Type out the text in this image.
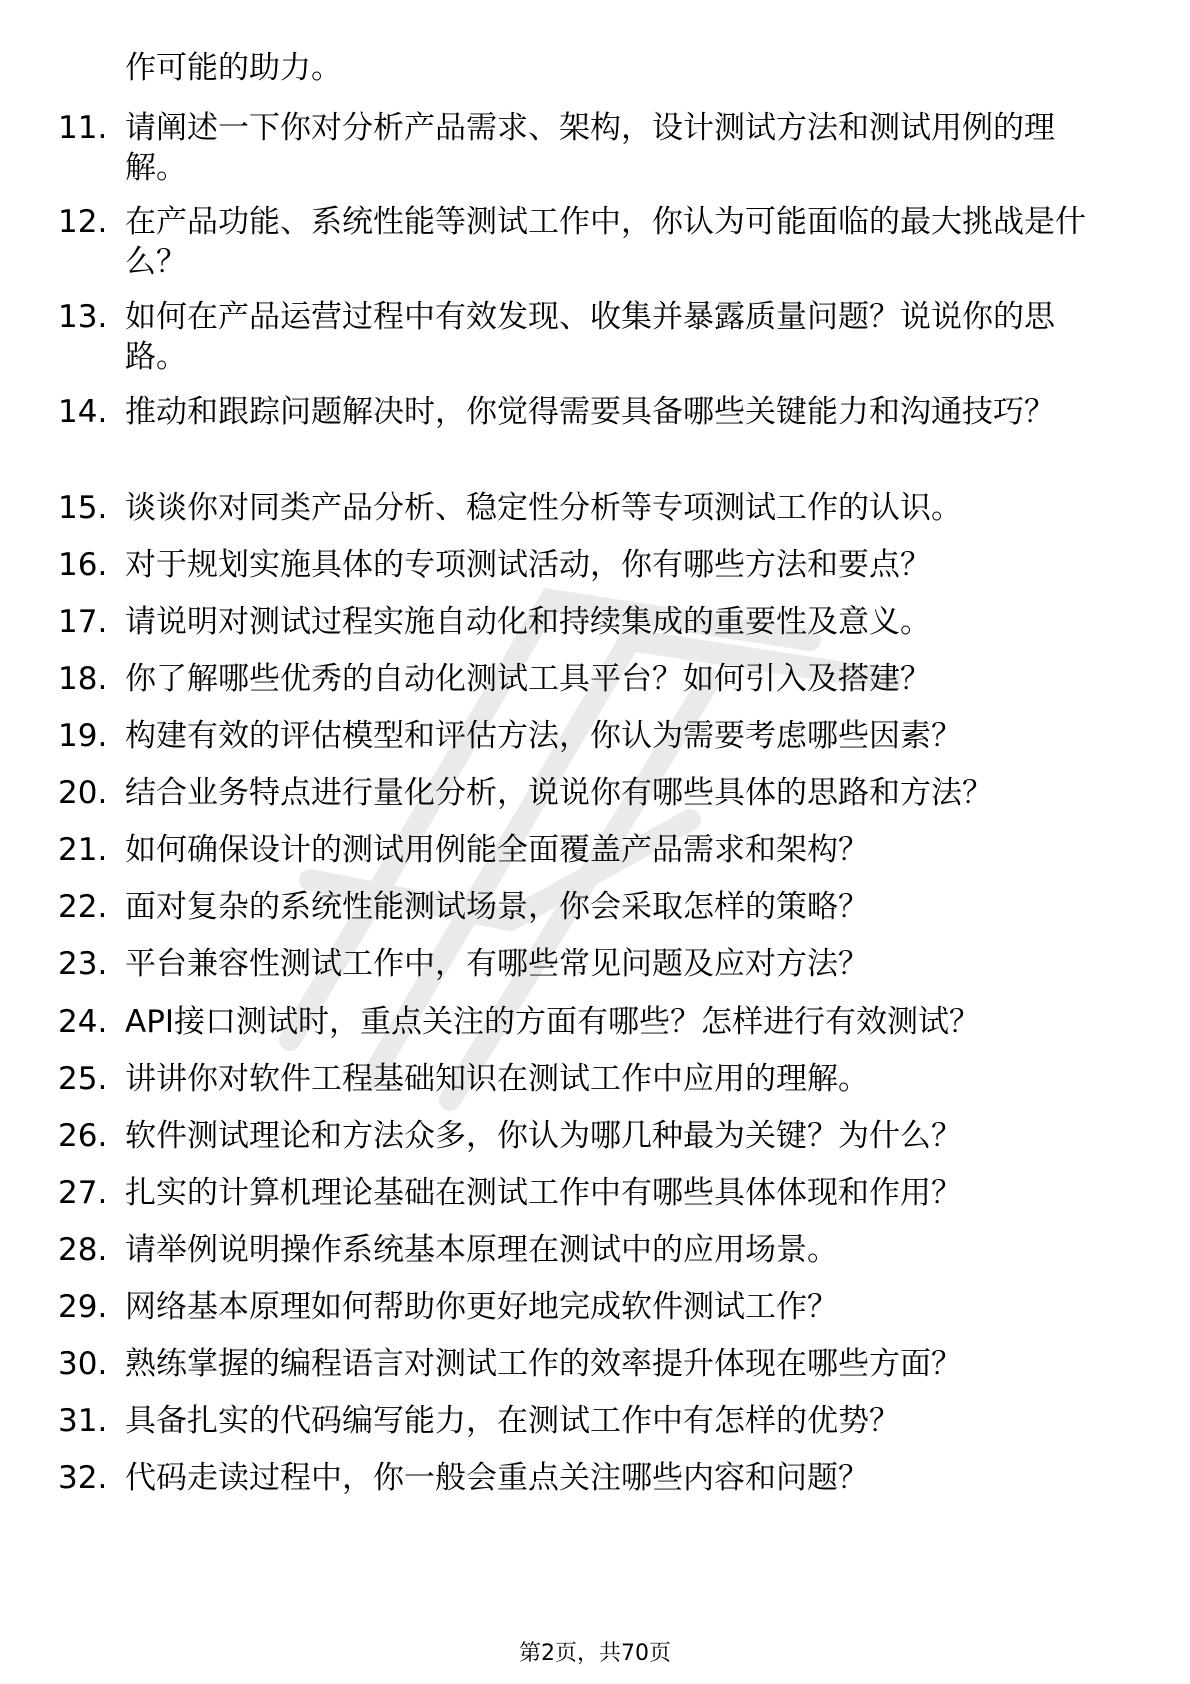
作可能的助力。
11. 请阐述一下你对分析产品需求、架构，设计测试方法和测试用例的理解。
12. 在产品功能、系统性能等测试工作中，你认为可能面临的最大挑战是什么？
13. 如何在产品运营过程中有效发现、收集并暴露质量问题？说说你的思路。
14. 推动和跟踪问题解决时，你觉得需要具备哪些关键能力和沟通技巧？
15. 谈谈你对同类产品分析、稳定性分析等专项测试工作的认识。
16. 对于规划实施具体的专项测试活动，你有哪些方法和要点？
17. 请说明对测试过程实施自动化和持续集成的重要性及意义。
18. 你了解哪些优秀的自动化测试工具平台？如何引入及搭建？
19. 构建有效的评估模型和评估方法，你认为需要考虑哪些因素？
20. 结合业务特点进行量化分析，说说你有哪些具体的思路和方法？
21. 如何确保设计的测试用例能全面覆盖产品需求和架构？
22. 面对复杂的系统性能测试场景，你会采取怎样的策略？
23. 平台兼容性测试工作中，有哪些常见问题及应对方法？
24. API接口测试时，重点关注的方面有哪些？怎样进行有效测试？
25. 讲讲你对软件工程基础知识在测试工作中应用的理解。
26. 软件测试理论和方法众多，你认为哪几种最为关键？为什么？
27. 扎实的计算机理论基础在测试工作中有哪些具体体现和作用？
28. 请举例说明操作系统基本原理在测试中的应用场景。
29. 网络基本原理如何帮助你更好地完成软件测试工作？
30. 熟练掌握的编程语言对测试工作的效率提升体现在哪些方面？
31. 具备扎实的代码编写能力，在测试工作中有怎样的优势？
32. 代码走读过程中，你一般会重点关注哪些内容和问题？
第2页，共70页
